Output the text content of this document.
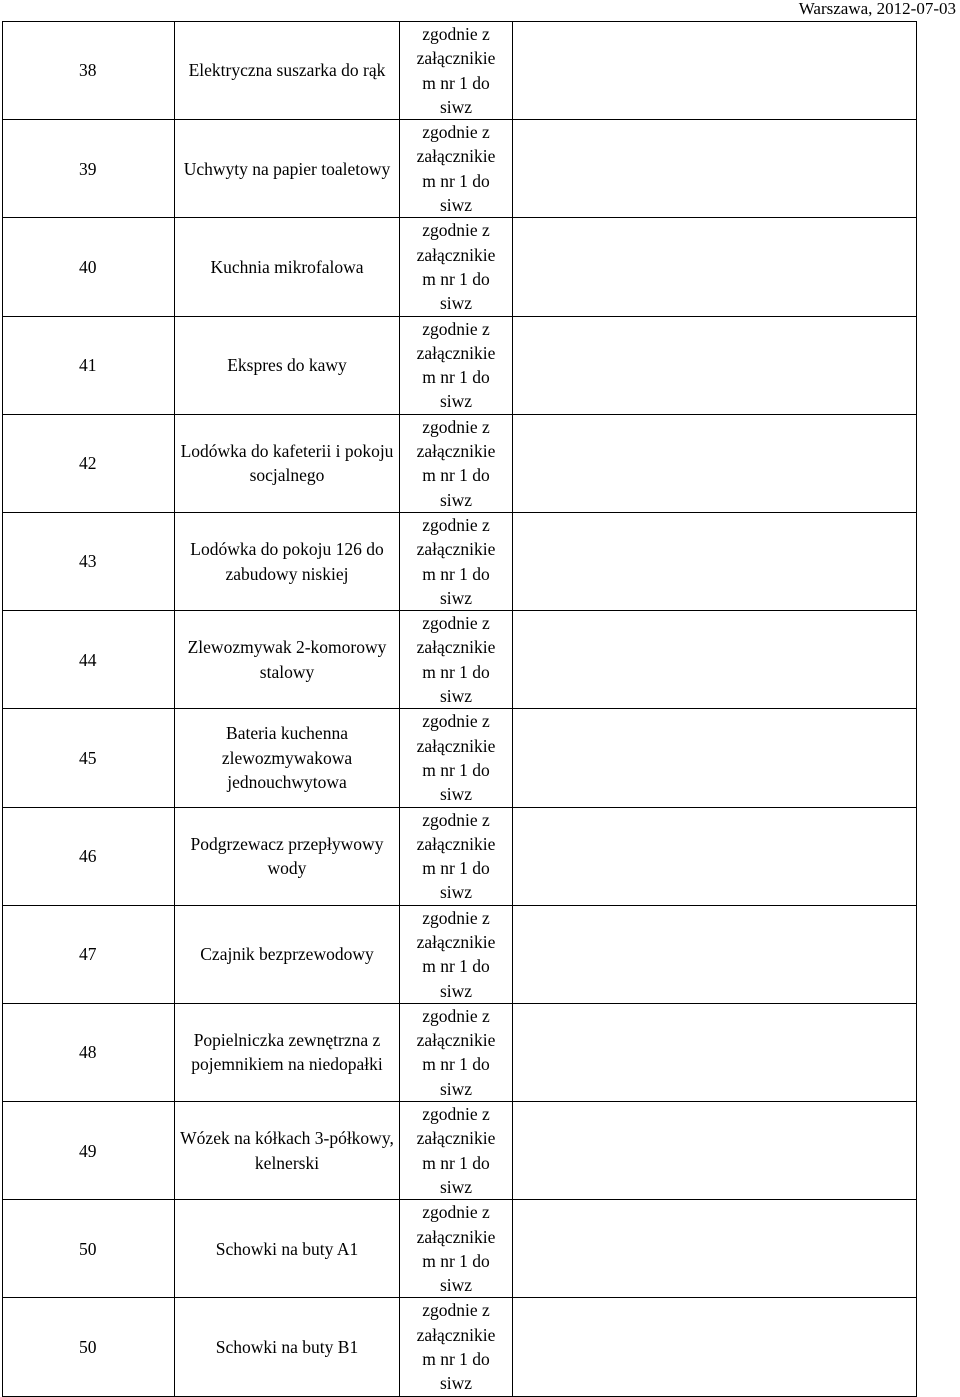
Warszawa, 2012-07-03
38	Elektryczna suszarka do rąk	zgodnie z
załącznikie
m nr 1 do
siwz	

39	Uchwyty na papier toaletowy	zgodnie z
załącznikie
m nr 1 do
siwz	

40	Kuchnia mikrofalowa	zgodnie z
załącznikie
m nr 1 do
siwz	

41	Ekspres do kawy	zgodnie z
załącznikie
m nr 1 do
siwz	

42	Lodówka do kafeterii i pokoju socjalnego	zgodnie z
załącznikie
m nr 1 do
siwz	

43	Lodówka do pokoju 126 do zabudowy niskiej	zgodnie z
załącznikie
m nr 1 do
siwz	

44	Zlewozmywak 2-komorowy stalowy	zgodnie z
załącznikie
m nr 1 do
siwz	

45	Bateria kuchenna zlewozmywakowa jednouchwytowa	zgodnie z
załącznikie
m nr 1 do
siwz	

46	Podgrzewacz przepływowy wody	zgodnie z
załącznikie
m nr 1 do
siwz	

47	Czajnik bezprzewodowy	zgodnie z
załącznikie
m nr 1 do
siwz	

48	Popielniczka zewnętrzna z pojemnikiem na niedopałki	zgodnie z
załącznikie
m nr 1 do
siwz	

49	Wózek na kółkach 3-półkowy, kelnerski	zgodnie z
załącznikie
m nr 1 do
siwz	

50	Schowki na buty A1	zgodnie z
załącznikie
m nr 1 do
siwz	

50	Schowki na buty B1	zgodnie z
załącznikie
m nr 1 do
siwz	
